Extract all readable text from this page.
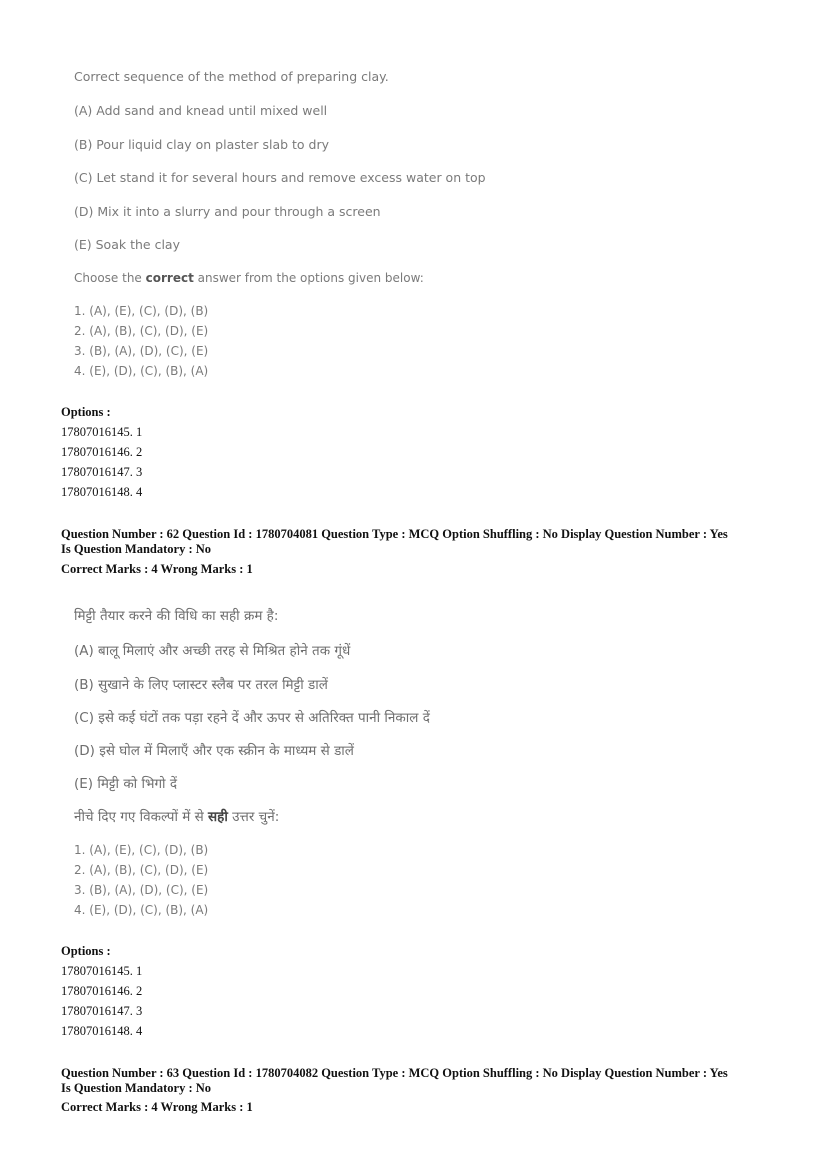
Correct sequence of the method of preparing clay.
(A) Add sand and knead until mixed well
(B) Pour liquid clay on plaster slab to dry
(C) Let stand it for several hours and remove excess water on top
(D) Mix it into a slurry and pour through a screen
(E) Soak the clay
Choose the correct answer from the options given below:
1. (A), (E), (C), (D), (B)
2. (A), (B), (C), (D), (E)
3. (B), (A), (D), (C), (E)
4. (E), (D), (C), (B), (A)
Options :
17807016145. 1
17807016146. 2
17807016147. 3
17807016148. 4
Question Number : 62 Question Id : 1780704081 Question Type : MCQ Option Shuffling : No Display Question Number : Yes
Is Question Mandatory : No
Correct Marks : 4 Wrong Marks : 1
मिट्टी तैयार करने की विधि का सही क्रम है:
(A) बालू मिलाएं और अच्छी तरह से मिश्रित होने तक गूंधें
(B) सुखाने के लिए प्लास्टर स्लैब पर तरल मिट्टी डालें
(C) इसे कई घंटों तक पड़ा रहने दें और ऊपर से अतिरिक्त पानी निकाल दें
(D) इसे घोल में मिलाएँ और एक स्क्रीन के माध्यम से डालें
(E) मिट्टी को भिगो दें
नीचे दिए गए विकल्पों में से सही उत्तर चुनें:
1. (A), (E), (C), (D), (B)
2. (A), (B), (C), (D), (E)
3. (B), (A), (D), (C), (E)
4. (E), (D), (C), (B), (A)
Options :
17807016145. 1
17807016146. 2
17807016147. 3
17807016148. 4
Question Number : 63 Question Id : 1780704082 Question Type : MCQ Option Shuffling : No Display Question Number : Yes
Is Question Mandatory : No
Correct Marks : 4 Wrong Marks : 1
